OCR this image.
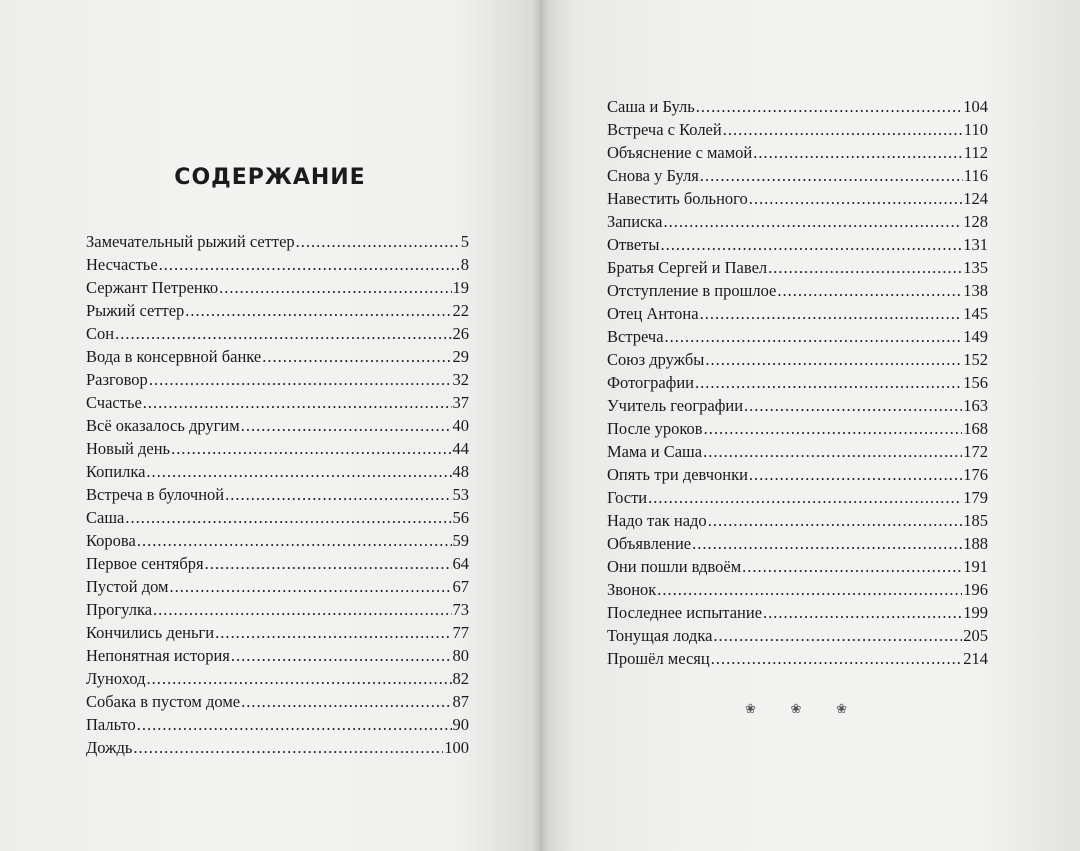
СОДЕРЖАНИЕ
Замечательный рыжий сеттер .....	5
Несчастье .....	8
Сержант Петренко .....	19
Рыжий сеттер .....	22
Сон .....	26
Вода в консервной банке .....	29
Разговор .....	32
Счастье .....	37
Всё оказалось другим .....	40
Новый день .....	44
Копилка .....	48
Встреча в булочной .....	53
Саша .....	56
Корова .....	59
Первое сентября .....	64
Пустой дом .....	67
Прогулка .....	73
Кончились деньги .....	77
Непонятная история .....	80
Луноход .....	82
Собака в пустом доме .....	87
Пальто .....	90
Дождь .....	100
Саша и Буль .....	104
Встреча с Колей .....	110
Объяснение с мамой .....	112
Снова у Буля .....	116
Навестить больного .....	124
Записка .....	128
Ответы .....	131
Братья Сергей и Павел .....	135
Отступление в прошлое .....	138
Отец Антона .....	145
Встреча .....	149
Союз дружбы .....	152
Фотографии .....	156
Учитель географии .....	163
После уроков .....	168
Мама и Саша .....	172
Опять три девчонки .....	176
Гости .....	179
Надо так надо .....	185
Объявление .....	188
Они пошли вдвоём .....	191
Звонок .....	196
Последнее испытание .....	199
Тонущая лодка .....	205
Прошёл месяц .....	214
❀	❀	❀
